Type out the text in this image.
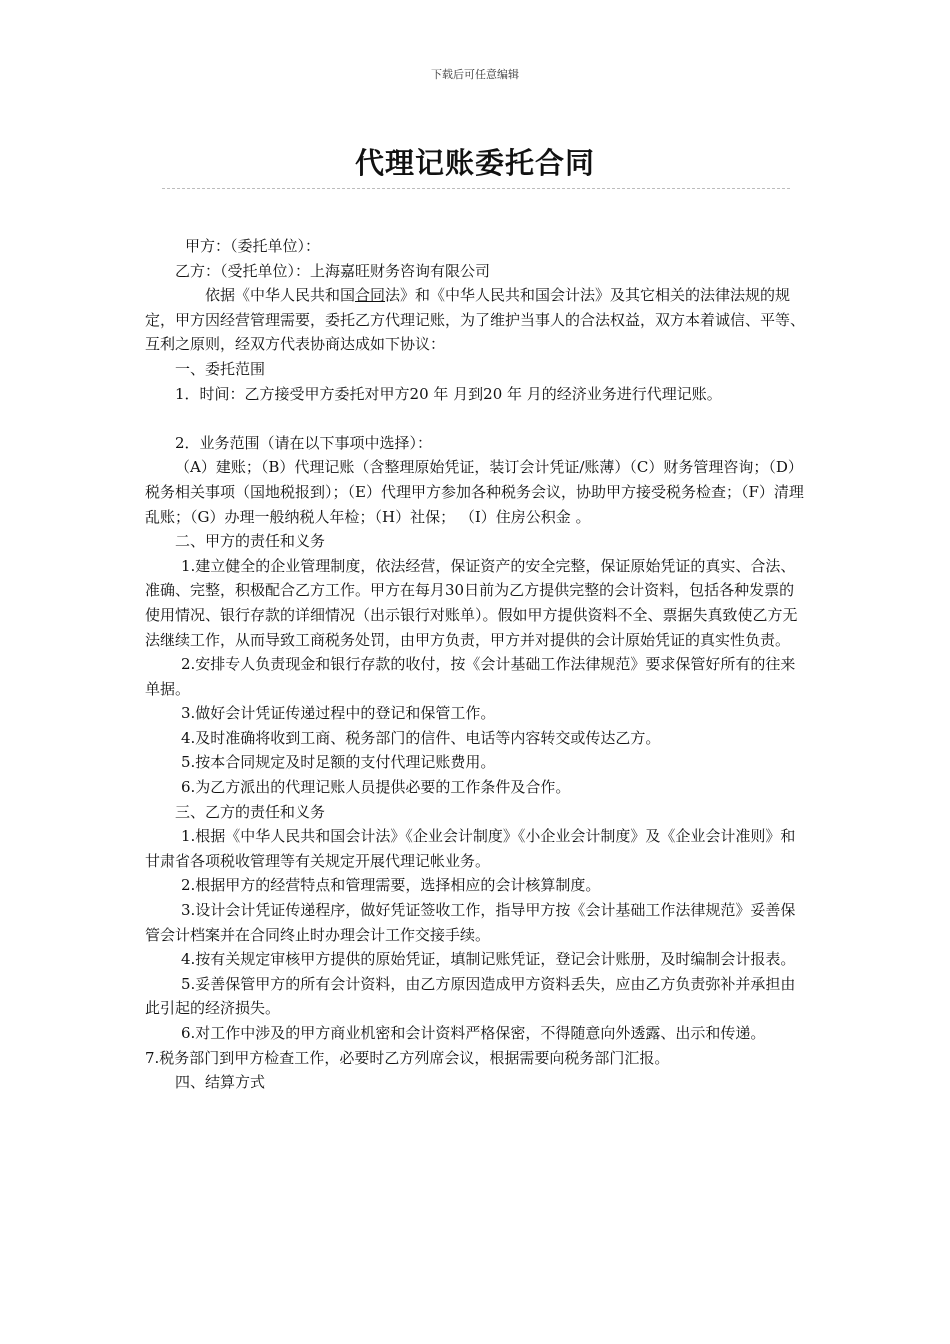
下载后可任意编辑
代理记账委托合同

甲方：（委托单位）：

乙方：（受托单位）：上海嘉旺财务咨询有限公司

依据《中华人民共和国合同法》和《中华人民共和国会计法》及其它相关的法律法规的规定，甲方因经营管理需要，委托乙方代理记账，为了维护当事人的合法权益，双方本着诚信、平等、互利之原则，经双方代表协商达成如下协议：

一、委托范围

1．时间：乙方接受甲方委托对甲方20 年 月到20 年 月的经济业务进行代理记账。

2．业务范围（请在以下事项中选择）：

（A）建账；（B）代理记账（含整理原始凭证，装订会计凭证/账薄）（C）财务管理咨询；（D）税务相关事项（国地税报到）；（E）代理甲方参加各种税务会议，协助甲方接受税务检查；（F）清理乱账；（G）办理一般纳税人年检；（H）社保； （I）住房公积金 。

二、甲方的责任和义务

1.建立健全的企业管理制度，依法经营，保证资产的安全完整，保证原始凭证的真实、合法、准确、完整，积极配合乙方工作。甲方在每月30日前为乙方提供完整的会计资料，包括各种发票的使用情况、银行存款的详细情况（出示银行对账单）。假如甲方提供资料不全、票据失真致使乙方无法继续工作，从而导致工商税务处罚，由甲方负责，甲方并对提供的会计原始凭证的真实性负责。

2.安排专人负责现金和银行存款的收付，按《会计基础工作法律规范》要求保管好所有的往来单据。

3.做好会计凭证传递过程中的登记和保管工作。

4.及时准确将收到工商、税务部门的信件、电话等内容转交或传达乙方。

5.按本合同规定及时足额的支付代理记账费用。

6.为乙方派出的代理记账人员提供必要的工作条件及合作。

三、乙方的责任和义务

1.根据《中华人民共和国会计法》《企业会计制度》《小企业会计制度》及《企业会计准则》和甘肃省各项税收管理等有关规定开展代理记帐业务。

2.根据甲方的经营特点和管理需要，选择相应的会计核算制度。

3.设计会计凭证传递程序，做好凭证签收工作，指导甲方按《会计基础工作法律规范》妥善保管会计档案并在合同终止时办理会计工作交接手续。

4.按有关规定审核甲方提供的原始凭证，填制记账凭证，登记会计账册，及时编制会计报表。

5.妥善保管甲方的所有会计资料，由乙方原因造成甲方资料丢失，应由乙方负责弥补并承担由此引起的经济损失。

6.对工作中涉及的甲方商业机密和会计资料严格保密，不得随意向外透露、出示和传递。

7.税务部门到甲方检查工作，必要时乙方列席会议，根据需要向税务部门汇报。

四、结算方式
